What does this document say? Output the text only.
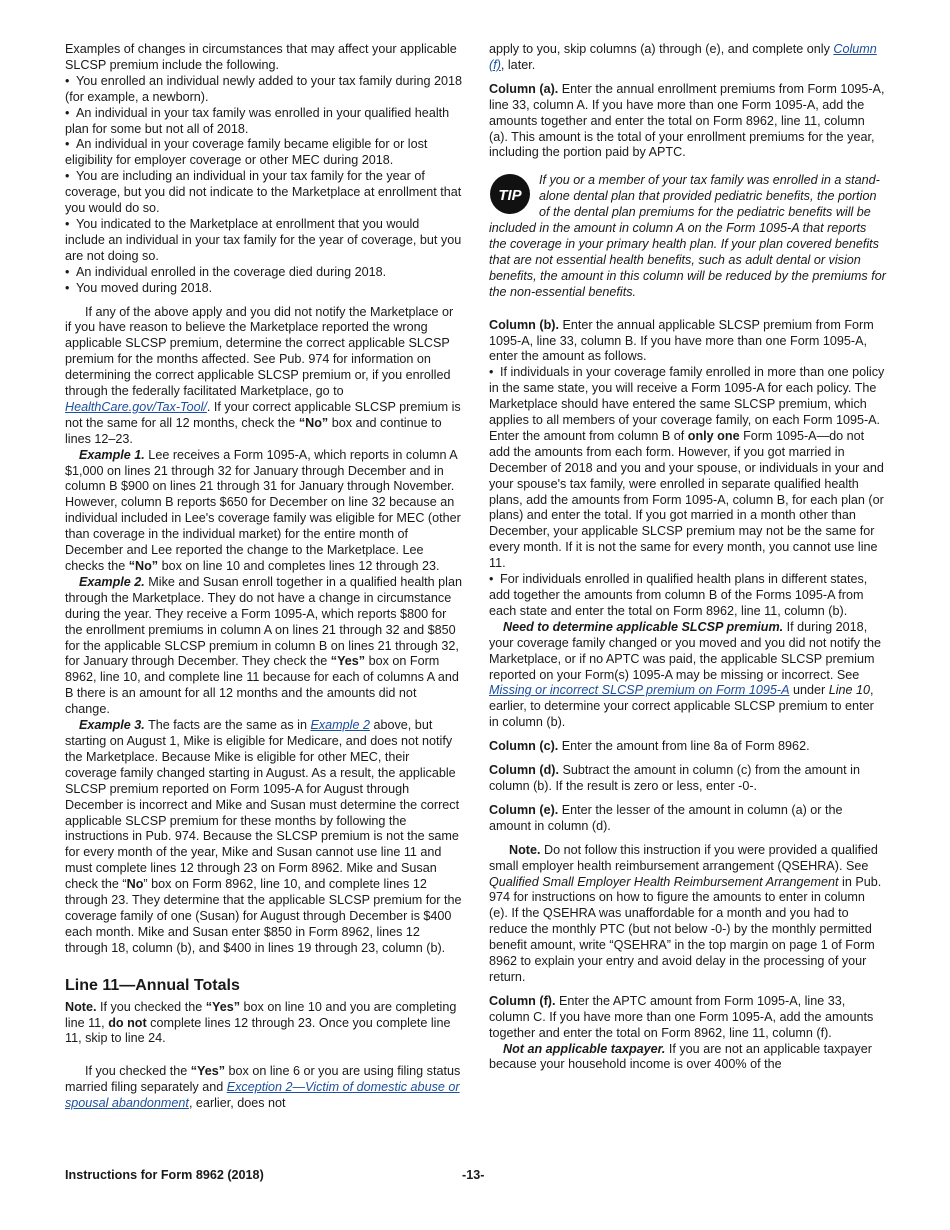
Examples of changes in circumstances that may affect your applicable SLCSP premium include the following.

• You enrolled an individual newly added to your tax family during 2018 (for example, a newborn).

• An individual in your tax family was enrolled in your qualified health plan for some but not all of 2018.

• An individual in your coverage family became eligible for or lost eligibility for employer coverage or other MEC during 2018.

• You are including an individual in your tax family for the year of coverage, but you did not indicate to the Marketplace at enrollment that you would do so.

• You indicated to the Marketplace at enrollment that you would include an individual in your tax family for the year of coverage, but you are not doing so.

• An individual enrolled in the coverage died during 2018.

• You moved during 2018.

If any of the above apply and you did not notify the Marketplace or if you have reason to believe the Marketplace reported the wrong applicable SLCSP premium, determine the correct applicable SLCSP premium for the months affected. See Pub. 974 for information on determining the correct applicable SLCSP premium or, if you enrolled through the federally facilitated Marketplace, go to HealthCare.gov/Tax-Tool/. If your correct applicable SLCSP premium is not the same for all 12 months, check the “No” box and continue to lines 12–23.

Example 1. Lee receives a Form 1095-A, which reports in column A $1,000 on lines 21 through 32 for January through December and in column B $900 on lines 21 through 31 for January through November. However, column B reports $650 for December on line 32 because an individual included in Lee's coverage family was eligible for MEC (other than coverage in the individual market) for the entire month of December and Lee reported the change to the Marketplace. Lee checks the “No” box on line 10 and completes lines 12 through 23.

Example 2. Mike and Susan enroll together in a qualified health plan through the Marketplace. They do not have a change in circumstance during the year. They receive a Form 1095-A, which reports $800 for the enrollment premiums in column A on lines 21 through 32 and $850 for the applicable SLCSP premium in column B on lines 21 through 32, for January through December. They check the “Yes” box on Form 8962, line 10, and complete line 11 because for each of columns A and B there is an amount for all 12 months and the amounts did not change.

Example 3. The facts are the same as in Example 2 above, but starting on August 1, Mike is eligible for Medicare, and does not notify the Marketplace. Because Mike is eligible for other MEC, their coverage family changed starting in August. As a result, the applicable SLCSP premium reported on Form 1095-A for August through December is incorrect and Mike and Susan must determine the correct applicable SLCSP premium for these months by following the instructions in Pub. 974. Because the SLCSP premium is not the same for every month of the year, Mike and Susan cannot use line 11 and must complete lines 12 through 23 on Form 8962. Mike and Susan check the “No” box on Form 8962, line 10, and complete lines 12 through 23. They determine that the applicable SLCSP premium for the coverage family of one (Susan) for August through December is $400 each month. Mike and Susan enter $850 in Form 8962, lines 12 through 18, column (b), and $400 in lines 19 through 23, column (b).

Line 11—Annual Totals

Note. If you checked the “Yes” box on line 10 and you are completing line 11, do not complete lines 12 through 23. Once you complete line 11, skip to line 24.

If you checked the “Yes” box on line 6 or you are using filing status married filing separately and Exception 2—Victim of domestic abuse or spousal abandonment, earlier, does not

apply to you, skip columns (a) through (e), and complete only Column (f), later.

Column (a). Enter the annual enrollment premiums from Form 1095-A, line 33, column A. If you have more than one Form 1095-A, add the amounts together and enter the total on Form 8962, line 11, column (a). This amount is the total of your enrollment premiums for the year, including the portion paid by APTC.

TIP

If you or a member of your tax family was enrolled in a stand-alone dental plan that provided pediatric benefits, the portion of the dental plan premiums for the pediatric benefits will be included in the amount in column A on the Form 1095-A that reports the coverage in your primary health plan. If your plan covered benefits that are not essential health benefits, such as adult dental or vision benefits, the amount in this column will be reduced by the premiums for the non-essential benefits.

Column (b). Enter the annual applicable SLCSP premium from Form 1095-A, line 33, column B. If you have more than one Form 1095-A, enter the amount as follows.

• If individuals in your coverage family enrolled in more than one policy in the same state, you will receive a Form 1095-A for each policy. The Marketplace should have entered the same SLCSP premium, which applies to all members of your coverage family, on each Form 1095-A. Enter the amount from column B of only one Form 1095-A—do not add the amounts from each form. However, if you got married in December of 2018 and you and your spouse, or individuals in your and your spouse's tax family, were enrolled in separate qualified health plans, add the amounts from Form 1095-A, column B, for each plan (or plans) and enter the total. If you got married in a month other than December, your applicable SLCSP premium may not be the same for every month. If it is not the same for every month, you cannot use line 11.

• For individuals enrolled in qualified health plans in different states, add together the amounts from column B of the Forms 1095-A from each state and enter the total on Form 8962, line 11, column (b).

Need to determine applicable SLCSP premium. If during 2018, your coverage family changed or you moved and you did not notify the Marketplace, or if no APTC was paid, the applicable SLCSP premium reported on your Form(s) 1095-A may be missing or incorrect. See Missing or incorrect SLCSP premium on Form 1095-A under Line 10, earlier, to determine your correct applicable SLCSP premium to enter in column (b).

Column (c). Enter the amount from line 8a of Form 8962.

Column (d). Subtract the amount in column (c) from the amount in column (b). If the result is zero or less, enter -0-.

Column (e). Enter the lesser of the amount in column (a) or the amount in column (d).

Note. Do not follow this instruction if you were provided a qualified small employer health reimbursement arrangement (QSEHRA). See Qualified Small Employer Health Reimbursement Arrangement in Pub. 974 for instructions on how to figure the amounts to enter in column (e). If the QSEHRA was unaffordable for a month and you had to reduce the monthly PTC (but not below -0-) by the monthly permitted benefit amount, write “QSEHRA” in the top margin on page 1 of Form 8962 to explain your entry and avoid delay in the processing of your return.

Column (f). Enter the APTC amount from Form 1095-A, line 33, column C. If you have more than one Form 1095-A, add the amounts together and enter the total on Form 8962, line 11, column (f).

Not an applicable taxpayer. If you are not an applicable taxpayer because your household income is over 400% of the

Instructions for Form 8962 (2018)	-13-
